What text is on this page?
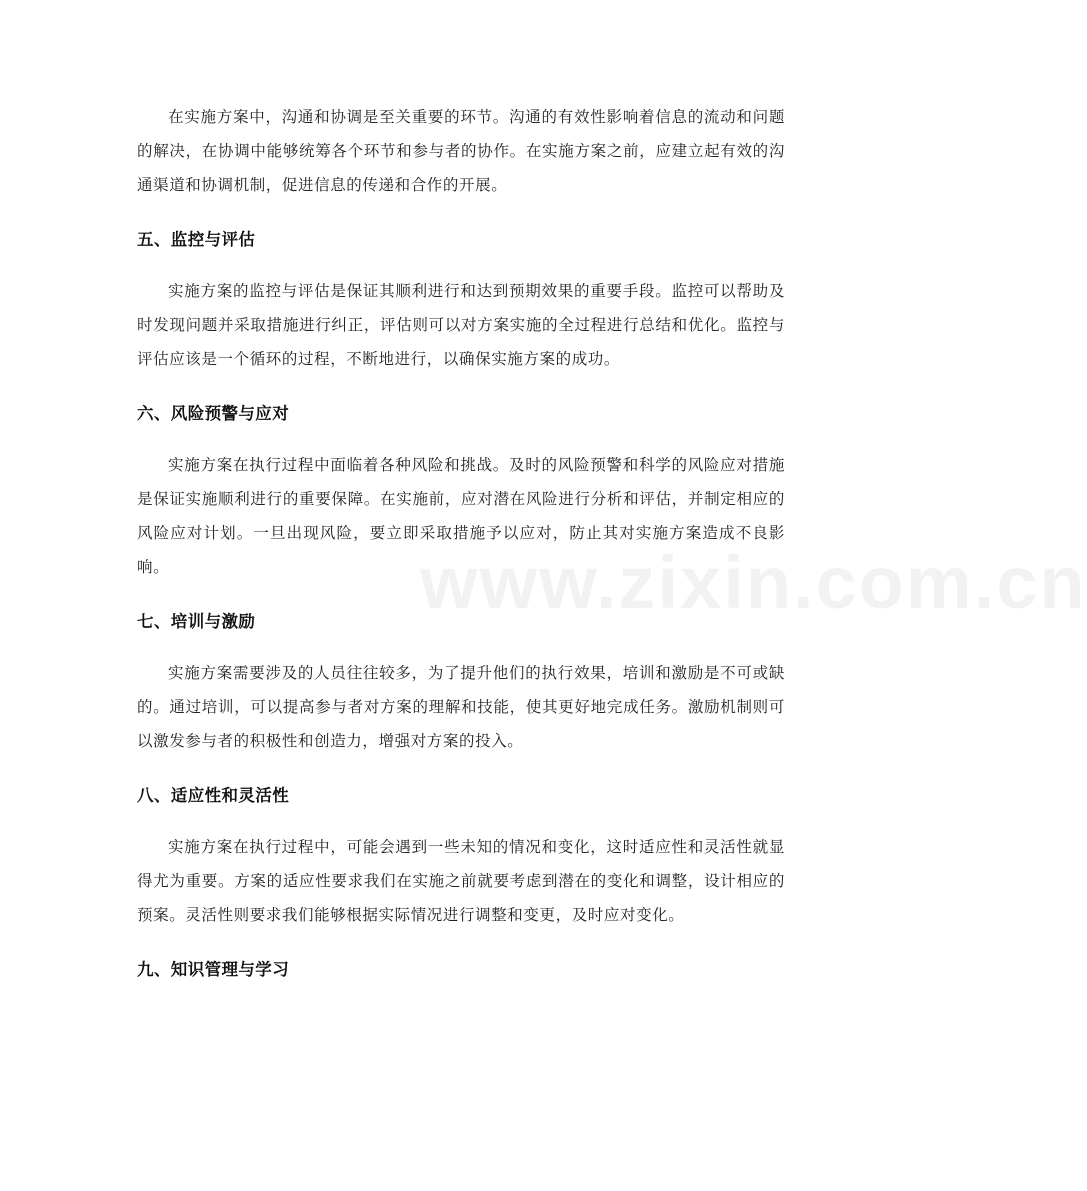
在实施方案中，沟通和协调是至关重要的环节。沟通的有效性影响着信息的流动和问题的解决，在协调中能够统筹各个环节和参与者的协作。在实施方案之前，应建立起有效的沟通渠道和协调机制，促进信息的传递和合作的开展。

五、监控与评估

实施方案的监控与评估是保证其顺利进行和达到预期效果的重要手段。监控可以帮助及时发现问题并采取措施进行纠正，评估则可以对方案实施的全过程进行总结和优化。监控与评估应该是一个循环的过程，不断地进行，以确保实施方案的成功。

六、风险预警与应对

实施方案在执行过程中面临着各种风险和挑战。及时的风险预警和科学的风险应对措施是保证实施顺利进行的重要保障。在实施前，应对潜在风险进行分析和评估，并制定相应的风险应对计划。一旦出现风险，要立即采取措施予以应对，防止其对实施方案造成不良影响。

七、培训与激励

实施方案需要涉及的人员往往较多，为了提升他们的执行效果，培训和激励是不可或缺的。通过培训，可以提高参与者对方案的理解和技能，使其更好地完成任务。激励机制则可以激发参与者的积极性和创造力，增强对方案的投入。

八、适应性和灵活性

实施方案在执行过程中，可能会遇到一些未知的情况和变化，这时适应性和灵活性就显得尤为重要。方案的适应性要求我们在实施之前就要考虑到潜在的变化和调整，设计相应的预案。灵活性则要求我们能够根据实际情况进行调整和变更，及时应对变化。

九、知识管理与学习
www.zixin.com.cn
